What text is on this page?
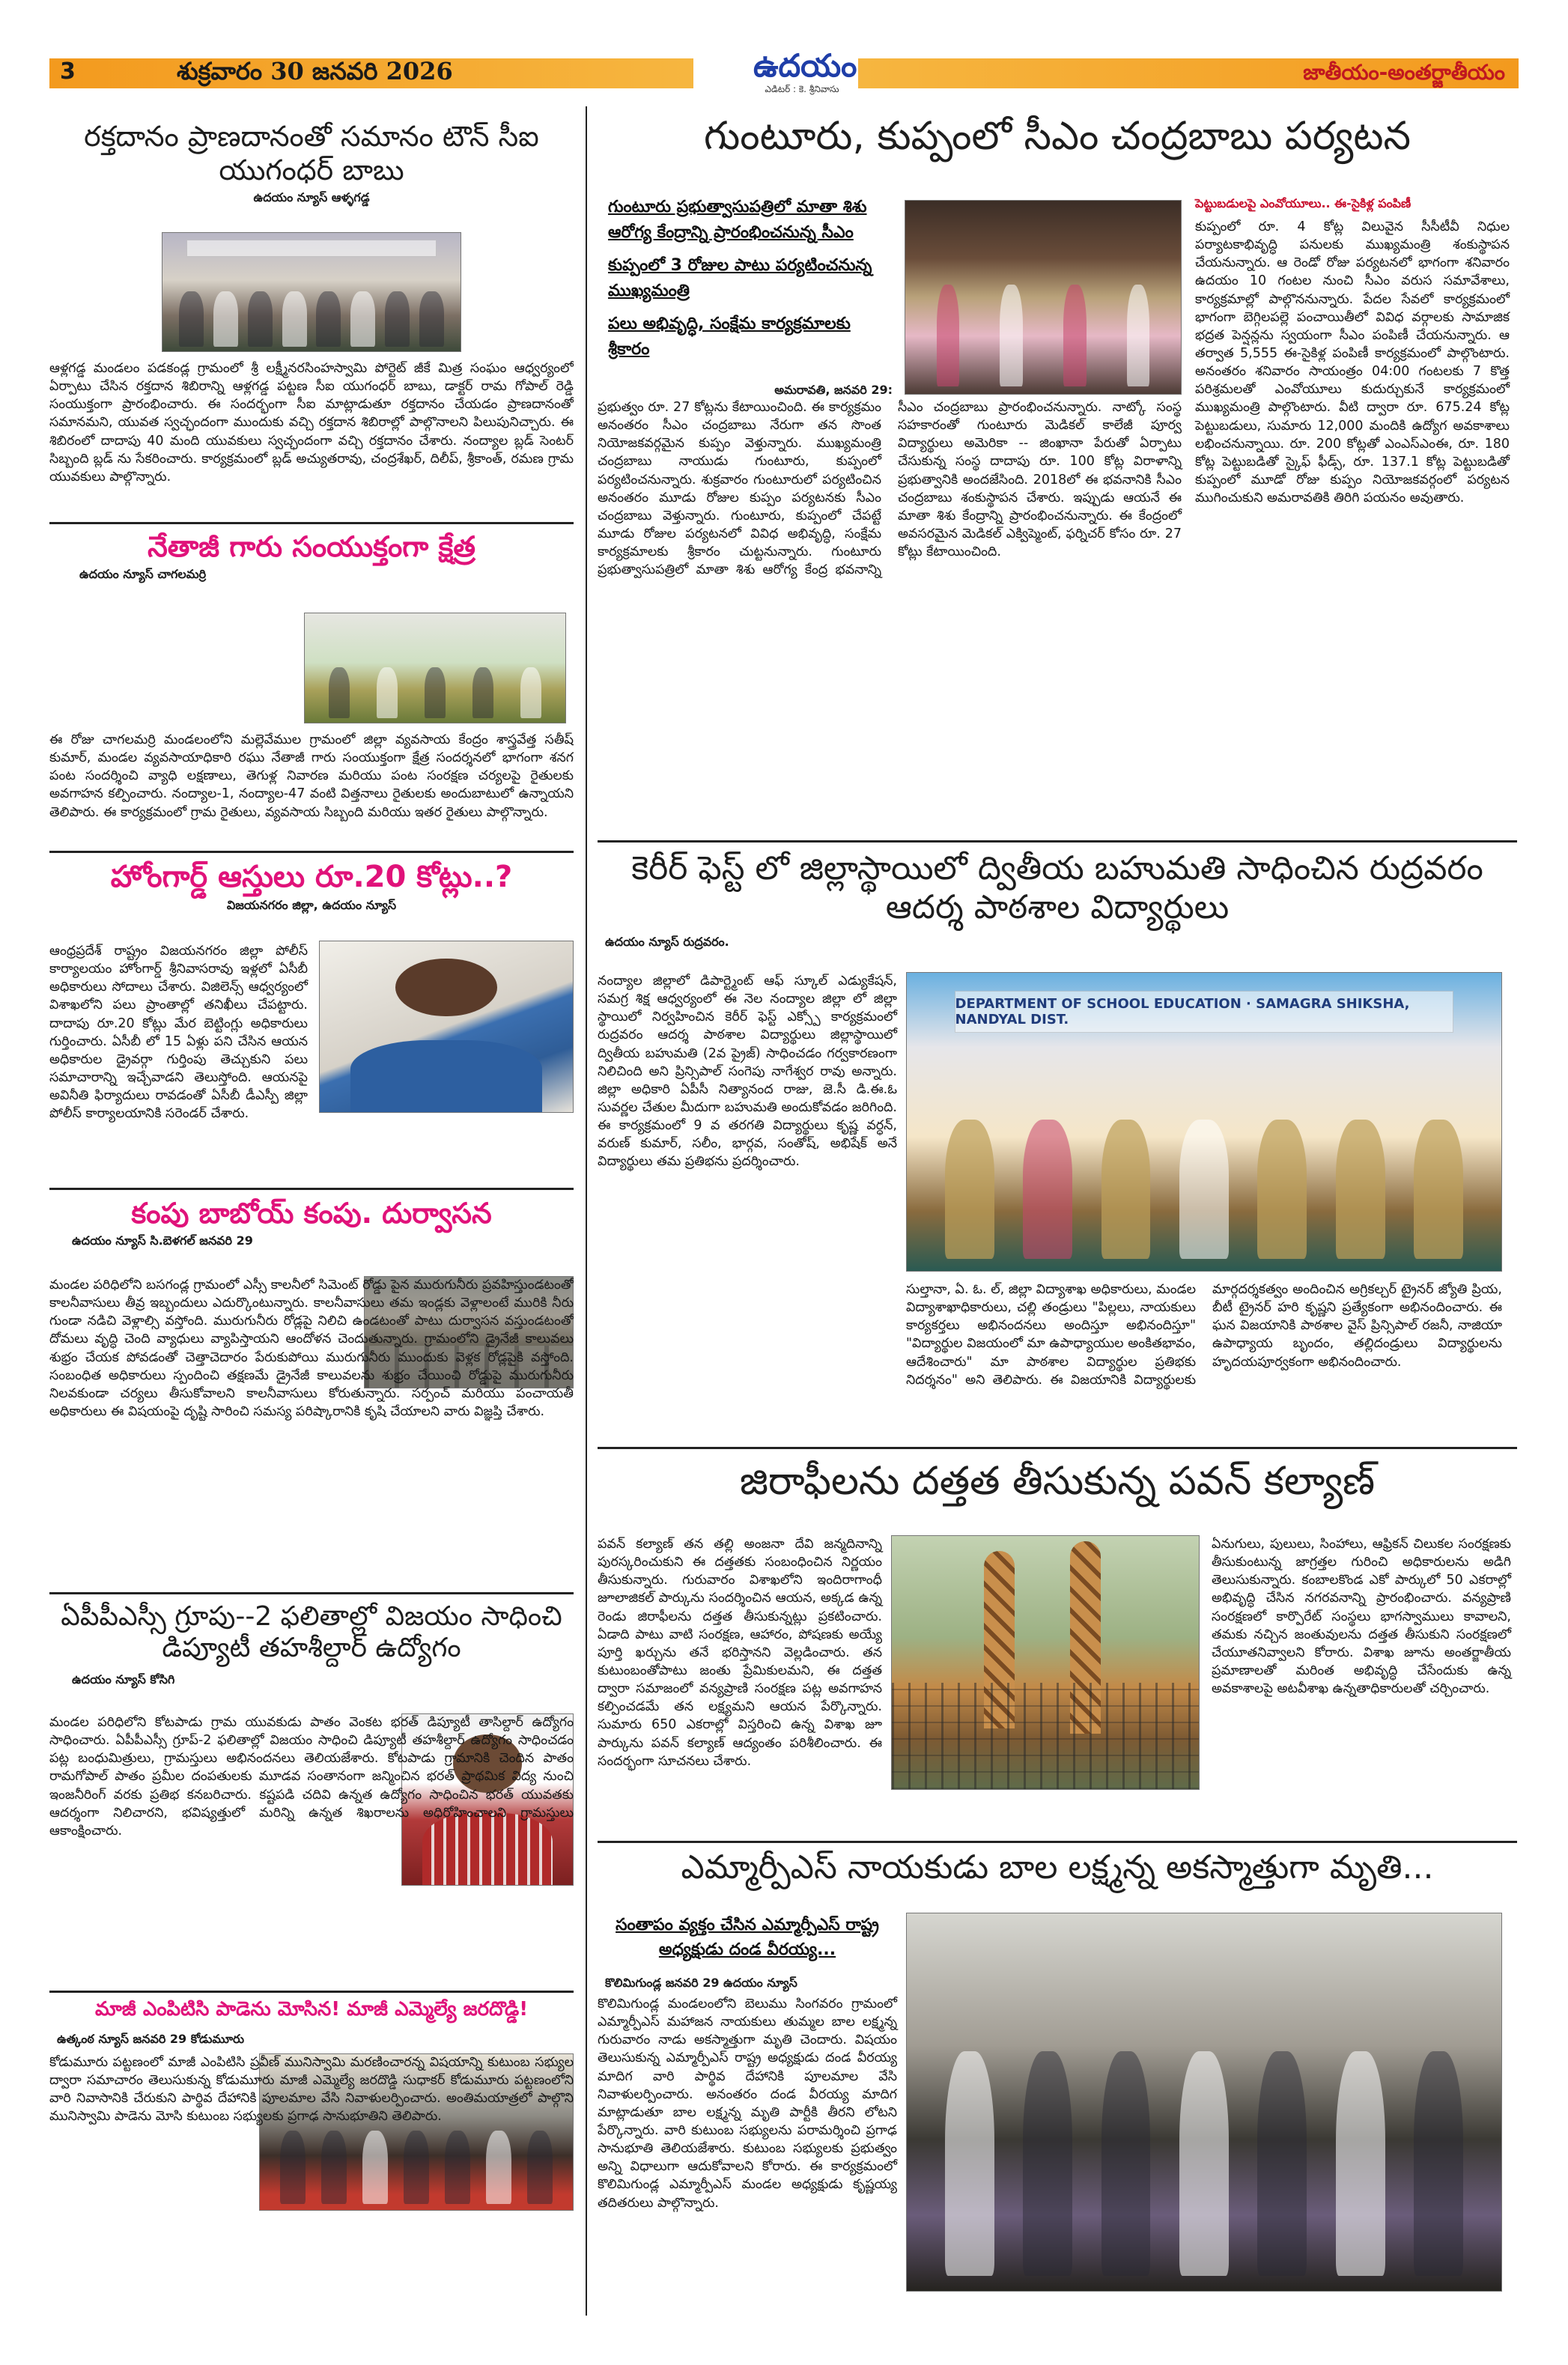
3	శుక్రవారం 30 జనవరి 2026	ఉదయం
ఎడిటర్ : కె. శ్రీనివాసు
జాతీయం-అంతర్జాతీయం
రక్తదానం ప్రాణదానంతో సమానం టౌన్ సీఐ యుగంధర్ బాబు

ఉదయం న్యూస్ ఆళ్ళగడ్డ

ఆళ్లగడ్డ మండలం పడకండ్ల గ్రామంలో శ్రీ లక్ష్మీనరసింహస్వామి పోర్టెట్ జీకే మిత్ర సంఘం ఆధ్వర్యంలో ఏర్పాటు చేసిన రక్తదాన శిబిరాన్ని ఆళ్లగడ్డ పట్టణ సీఐ యుగంధర్ బాబు, డాక్టర్ రామ గోపాల్ రెడ్డి సంయుక్తంగా ప్రారంభించారు. ఈ సందర్భంగా సీఐ మాట్లాడుతూ రక్తదానం చేయడం ప్రాణదానంతో సమానమని, యువత స్వచ్ఛందంగా ముందుకు వచ్చి రక్తదాన శిబిరాల్లో పాల్గొనాలని పిలుపునిచ్చారు. ఈ శిబిరంలో దాదాపు 40 మంది యువకులు స్వచ్ఛందంగా వచ్చి రక్తదానం చేశారు. నంద్యాల బ్లడ్ సెంటర్ సిబ్బంది బ్లడ్ ను సేకరించారు. కార్యక్రమంలో బ్లడ్ అచ్యుతరావు, చంద్రశేఖర్, దిలీప్, శ్రీకాంత్, రమణ గ్రామ యువకులు పాల్గొన్నారు.
నేతాజీ గారు సంయుక్తంగా క్షేత్ర

ఉదయం న్యూస్ చాగలమర్రి

ఈ రోజు చాగలమర్రి మండలంలోని మల్లెవేముల గ్రామంలో జిల్లా వ్యవసాయ కేంద్రం శాస్త్రవేత్త సతీష్ కుమార్, మండల వ్యవసాయాధికారి రఘు నేతాజీ గారు సంయుక్తంగా క్షేత్ర సందర్శనలో భాగంగా శనగ పంట సందర్శించి వ్యాధి లక్షణాలు, తెగుళ్ల నివారణ మరియు పంట సంరక్షణ చర్యలపై రైతులకు అవగాహన కల్పించారు. నంద్యాల-1, నంద్యాల-47 వంటి విత్తనాలు రైతులకు అందుబాటులో ఉన్నాయని తెలిపారు. ఈ కార్యక్రమంలో గ్రామ రైతులు, వ్యవసాయ సిబ్బంది మరియు ఇతర రైతులు పాల్గొన్నారు.
హోంగార్డ్ ఆస్తులు రూ.20 కోట్లు..?

విజయనగరం జిల్లా, ఉదయం న్యూస్

ఆంధ్రప్రదేశ్ రాష్ట్రం విజయనగరం జిల్లా పోలీస్ కార్యాలయం హోంగార్డ్ శ్రీనివాసరావు ఇళ్లలో ఏసీబీ అధికారులు సోదాలు చేశారు. విజిలెన్స్ ఆధ్వర్యంలో విశాఖలోని పలు ప్రాంతాల్లో తనిఖీలు చేపట్టారు. దాదాపు రూ.20 కోట్లు మేర బెట్టింగ్లు అధికారులు గుర్తించారు. ఏసీబీ లో 15 ఏళ్లు పని చేసిన ఆయన అధికారుల డ్రైవర్గా గుర్తింపు తెచ్చుకుని పలు సమాచారాన్ని ఇచ్చేవాడని తెలుస్తోంది. ఆయనపై అవినీతి ఫిర్యాదులు రావడంతో ఏసీబీ డీఎస్పీ జిల్లా పోలీస్ కార్యాలయానికి సరెండర్ చేశారు.
కంపు బాబోయ్ కంపు. దుర్వాసన

ఉదయం న్యూస్ సి.బెళగల్ జనవరి 29

మండల పరిధిలోని బసగండ్ల గ్రామంలో ఎస్సీ కాలనీలో సిమెంట్ రోడ్డు పైన మురుగునీరు ప్రవహిస్తుండటంతో కాలనీవాసులు తీవ్ర ఇబ్బందులు ఎదుర్కొంటున్నారు. కాలనీవాసులు తమ ఇండ్లకు వెళ్లాలంటే మురికి నీరు గుండా నడిచి వెళ్లాల్సి వస్తోంది. మురుగునీరు రోడ్లపై నిలిచి ఉండటంతో పాటు దుర్వాసన వస్తుండటంతో దోమలు వృద్ధి చెంది వ్యాధులు వ్యాపిస్తాయని ఆందోళన చెందుతున్నారు. గ్రామంలోని డ్రైనేజీ కాలువలు శుభ్రం చేయక పోవడంతో చెత్తాచెదారం పేరుకుపోయి మురుగునీరు ముందుకు వెళ్లక రోడ్లపైకి వస్తోంది. సంబంధిత అధికారులు స్పందించి తక్షణమే డ్రైనేజీ కాలువలను శుభ్రం చేయించి రోడ్డుపై మురుగునీరు నిలవకుండా చర్యలు తీసుకోవాలని కాలనీవాసులు కోరుతున్నారు. సర్పంచ్ మరియు పంచాయతీ అధికారులు ఈ విషయంపై దృష్టి సారించి సమస్య పరిష్కారానికి కృషి చేయాలని వారు విజ్ఞప్తి చేశారు.
ఏపీపీఎస్సీ గ్రూపు--2 ఫలితాల్లో విజయం సాధించి డిప్యూటీ తహశీల్దార్ ఉద్యోగం

ఉదయం న్యూస్ కోసిగి

మండల పరిధిలోని కోటపాడు గ్రామ యువకుడు పాతం వెంకట భరత్ డిప్యూటీ తాసిల్దార్ ఉద్యోగం సాధించారు. ఏపీపీఎస్సీ గ్రూప్-2 ఫలితాల్లో విజయం సాధించి డిప్యూటీ తహశీల్దార్ ఉద్యోగం సాధించడం పట్ల బంధుమిత్రులు, గ్రామస్తులు అభినందనలు తెలియజేశారు. కోటపాడు గ్రామానికి చెందిన పాతం రామగోపాల్ పాతం ప్రమీల దంపతులకు మూడవ సంతానంగా జన్మించిన భరత్ ప్రాథమిక విద్య నుంచి ఇంజనీరింగ్ వరకు ప్రతిభ కనబరిచారు. కష్టపడి చదివి ఉన్నత ఉద్యోగం సాధించిన భరత్ యువతకు ఆదర్శంగా నిలిచారని, భవిష్యత్తులో మరిన్ని ఉన్నత శిఖరాలను అధిరోహించాలని గ్రామస్తులు ఆకాంక్షించారు.
మాజీ ఎంపిటిసి పాడెను మోసిన! మాజీ ఎమ్మెల్యే జరదొడ్డి!

ఉత్కంఠ న్యూస్ జనవరి 29 కోడుమూరు

కోడుమూరు పట్టణంలో మాజీ ఎంపిటిసి ప్రవీణ్ మునిస్వామి మరణించారన్న విషయాన్ని కుటుంబ సభ్యుల ద్వారా సమాచారం తెలుసుకున్న కోడుమూరు మాజీ ఎమ్మెల్యే జరదొడ్డి సుధాకర్ కోడుమూరు పట్టణంలోని వారి నివాసానికి చేరుకుని పార్థివ దేహానికి పూలమాల వేసి నివాళులర్పించారు. అంతిమయాత్రలో పాల్గొని మునిస్వామి పాడెను మోసి కుటుంబ సభ్యులకు ప్రగాఢ సానుభూతిని తెలిపారు.
గుంటూరు, కుప్పంలో సీఎం చంద్రబాబు పర్యటన

గుంటూరు ప్రభుత్వాసుపత్రిలో మాతా శిశు ఆరోగ్య కేంద్రాన్ని ప్రారంభించనున్న సీఎం

కుప్పంలో 3 రోజుల పాటు పర్యటించనున్న ముఖ్యమంత్రి

పలు అభివృద్ధి, సంక్షేమ కార్యక్రమాలకు శ్రీకారం

అమరావతి, జనవరి 29:

ప్రభుత్వం రూ. 27 కోట్లను కేటాయించింది. ఈ కార్యక్రమం అనంతరం సీఎం చంద్రబాబు నేరుగా తన సొంత నియోజకవర్గమైన కుప్పం వెళ్తున్నారు. ముఖ్యమంత్రి చంద్రబాబు నాయుడు గుంటూరు, కుప్పంలో పర్యటించనున్నారు. శుక్రవారం గుంటూరులో పర్యటించిన అనంతరం మూడు రోజుల కుప్పం పర్యటనకు సీఎం చంద్రబాబు వెళ్తున్నారు. గుంటూరు, కుప్పంలో చేపట్టే మూడు రోజుల పర్యటనలో వివిధ అభివృద్ధి, సంక్షేమ కార్యక్రమాలకు శ్రీకారం చుట్టనున్నారు. గుంటూరు ప్రభుత్వాసుపత్రిలో మాతా శిశు ఆరోగ్య కేంద్ర భవనాన్ని సీఎం చంద్రబాబు ప్రారంభించనున్నారు. నాట్కో సంస్థ సహకారంతో గుంటూరు మెడికల్ కాలేజీ పూర్వ విద్యార్థులు అమెరికా -- జింఖానా పేరుతో ఏర్పాటు చేసుకున్న సంస్థ దాదాపు రూ. 100 కోట్ల విరాళాన్ని ప్రభుత్వానికి అందజేసింది. 2018లో ఈ భవనానికి సీఎం చంద్రబాబు శంకుస్థాపన చేశారు. ఇప్పుడు ఆయనే ఈ మాతా శిశు కేంద్రాన్ని ప్రారంభించనున్నారు. ఈ కేంద్రంలో అవసరమైన మెడికల్ ఎక్విప్మెంట్, ఫర్నిచర్ కోసం రూ. 27 కోట్లు కేటాయించింది.

పెట్టుబడులపై ఎంవోయూలు.. ఈ-సైకిళ్ల పంపిణీ

కుప్పంలో రూ. 4 కోట్ల విలువైన సీసీటీవీ నిధుల పర్యాటకాభివృద్ధి పనులకు ముఖ్యమంత్రి శంకుస్థాపన చేయనున్నారు. ఆ రెండో రోజు పర్యటనలో భాగంగా శనివారం ఉదయం 10 గంటల నుంచి సీఎం వరుస సమావేశాలు, కార్యక్రమాల్లో పాల్గొననున్నారు. పేదల సేవలో కార్యక్రమంలో భాగంగా బెగ్గిలపల్లె పంచాయితీలో వివిధ వర్గాలకు సామాజిక భద్రత పెన్షన్లను స్వయంగా సీఎం పంపిణీ చేయనున్నారు. ఆ తర్వాత 5,555 ఈ-సైకిళ్ల పంపిణీ కార్యక్రమంలో పాల్గొంటారు. అనంతరం శనివారం సాయంత్రం 04:00 గంటలకు 7 కొత్త పరిశ్రమలతో ఎంవోయూలు కుదుర్చుకునే కార్యక్రమంలో ముఖ్యమంత్రి పాల్గొంటారు. వీటి ద్వారా రూ. 675.24 కోట్ల పెట్టుబడులు, సుమారు 12,000 మందికి ఉద్యోగ అవకాశాలు లభించనున్నాయి. రూ. 200 కోట్లతో ఎంఎస్ఎంఈ, రూ. 180 కోట్ల పెట్టుబడితో స్కైఫ్ ఫీడ్స్, రూ. 137.1 కోట్ల పెట్టుబడితో కుప్పంలో మూడో రోజు కుప్పం నియోజకవర్గంలో పర్యటన ముగించుకుని అమరావతికి తిరిగి పయనం అవుతారు.
కెరీర్ ఫెస్ట్ లో జిల్లాస్థాయిలో ద్వితీయ బహుమతి సాధించిన రుద్రవరం ఆదర్శ పాఠశాల విద్యార్థులు

ఉదయం న్యూస్ రుద్రవరం.

DEPARTMENT OF SCHOOL EDUCATION · SAMAGRA SHIKSHA, NANDYAL DIST.
నంద్యాల జిల్లాలో డిపార్ట్మెంట్ ఆఫ్ స్కూల్ ఎడ్యుకేషన్, సమగ్ర శిక్ష ఆధ్వర్యంలో ఈ నెల నంద్యాల జిల్లా లో జిల్లా స్థాయిలో నిర్వహించిన కెరీర్ ఫెస్ట్ ఎక్స్పో కార్యక్రమంలో రుద్రవరం ఆదర్శ పాఠశాల విద్యార్థులు జిల్లాస్థాయిలో ద్వితీయ బహుమతి (2వ ప్రైజ్) సాధించడం గర్వకారణంగా నిలిచింది అని ప్రిన్సిపాల్ సంగెపు నాగేశ్వర రావు అన్నారు. జిల్లా అధికారి ఏపీసీ నిత్యానంద రాజు, జె.సీ డి.ఈ.ఓ సువర్ణల చేతుల మీదుగా బహుమతి అందుకోవడం జరిగింది. ఈ కార్యక్రమంలో 9 వ తరగతి విద్యార్థులు కృష్ణ వర్ధన్, వరుణ్ కుమార్, సలీం, భార్గవ, సంతోష్, అభిషేక్ అనే విద్యార్థులు తమ ప్రతిభను ప్రదర్శించారు.
సుల్తానా, ఏ. ఓ. ల్, జిల్లా విద్యాశాఖ అధికారులు, మండల విద్యాశాఖాధికారులు, చల్లి తండ్రులు "పిల్లలు, నాయకులు కార్యకర్తలు అభినందనలు అందిస్తూ అభినందిస్తూ" "విద్యార్థుల విజయంలో మా ఉపాధ్యాయుల అంకితభావం, ఆదేశించారు" మా పాఠశాల విద్యార్థుల ప్రతిభకు నిదర్శనం" అని తెలిపారు. ఈ విజయానికి విద్యార్థులకు మార్గదర్శకత్వం అందించిన అగ్రికల్చర్ ట్రైనర్ జ్యోతి ప్రియ, బీటీ ట్రైనర్ హరి కృష్ణని ప్రత్యేకంగా అభినందించారు. ఈ ఘన విజయానికి పాఠశాల వైస్ ప్రిన్సిపాల్ రజనీ, నాజియా ఉపాధ్యాయ బృందం, తల్లిదండ్రులు విద్యార్థులను హృదయపూర్వకంగా అభినందించారు.
జిరాఫీలను దత్తత తీసుకున్న పవన్ కల్యాణ్
పవన్ కల్యాణ్ తన తల్లి అంజనా దేవి జన్మదినాన్ని పురస్కరించుకుని ఈ దత్తతకు సంబంధించిన నిర్ణయం తీసుకున్నారు. గురువారం విశాఖలోని ఇందిరాగాంధీ జూలాజికల్ పార్కును సందర్శించిన ఆయన, అక్కడ ఉన్న రెండు జిరాఫీలను దత్తత తీసుకున్నట్లు ప్రకటించారు. ఏడాది పాటు వాటి సంరక్షణ, ఆహారం, పోషణకు అయ్యే పూర్తి ఖర్చును తనే భరిస్తానని వెల్లడించారు. తన కుటుంబంతోపాటు జంతు ప్రేమికులమని, ఈ దత్తత ద్వారా సమాజంలో వన్యప్రాణి సంరక్షణ పట్ల అవగాహన కల్పించడమే తన లక్ష్యమని ఆయన పేర్కొన్నారు. సుమారు 650 ఎకరాల్లో విస్తరించి ఉన్న విశాఖ జూ పార్కును పవన్ కల్యాణ్ ఆద్యంతం పరిశీలించారు. ఈ సందర్భంగా సూచనలు చేశారు.
ఏనుగులు, పులులు, సింహాలు, ఆఫ్రికన్ చిలుకల సంరక్షణకు తీసుకుంటున్న జాగ్రత్తల గురించి అధికారులను అడిగి తెలుసుకున్నారు. కంబాలకొండ ఎకో పార్కులో 50 ఎకరాల్లో అభివృద్ధి చేసిన నగరవనాన్ని ప్రారంభించారు. వన్యప్రాణి సంరక్షణలో కార్పొరేట్ సంస్థలు భాగస్వాములు కావాలని, తమకు నచ్చిన జంతువులను దత్తత తీసుకుని సంరక్షణలో చేయూతనివ్వాలని కోరారు. విశాఖ జూను అంతర్జాతీయ ప్రమాణాలతో మరింత అభివృద్ధి చేసేందుకు ఉన్న అవకాశాలపై అటవీశాఖ ఉన్నతాధికారులతో చర్చించారు.
ఎమ్మార్పీఎస్ నాయకుడు బాల లక్ష్మన్న అకస్మాత్తుగా మృతి...

సంతాపం వ్యక్తం చేసిన ఎమ్మార్పీఎస్ రాష్ట్ర అధ్యక్షుడు దండ వీరయ్య...

కొలిమిగుండ్ల జనవరి 29 ఉదయం న్యూస్

కొలిమిగుండ్ల మండలంలోని బెలుము సింగవరం గ్రామంలో ఎమ్మార్పీఎస్ మహాజన నాయకులు తుమ్మల బాల లక్ష్మన్న గురువారం నాడు అకస్మాత్తుగా మృతి చెందారు. విషయం తెలుసుకున్న ఎమ్మార్పీఎస్ రాష్ట్ర అధ్యక్షుడు దండ వీరయ్య మాదిగ వారి పార్థివ దేహానికి పూలమాల వేసి నివాళులర్పించారు. అనంతరం దండ వీరయ్య మాదిగ మాట్లాడుతూ బాల లక్ష్మన్న మృతి పార్టీకి తీరని లోటని పేర్కొన్నారు. వారి కుటుంబ సభ్యులను పరామర్శించి ప్రగాఢ సానుభూతి తెలియజేశారు. కుటుంబ సభ్యులకు ప్రభుత్వం అన్ని విధాలుగా ఆదుకోవాలని కోరారు. ఈ కార్యక్రమంలో కొలిమిగుండ్ల ఎమ్మార్పీఎస్ మండల అధ్యక్షుడు కృష్ణయ్య తదితరులు పాల్గొన్నారు.
